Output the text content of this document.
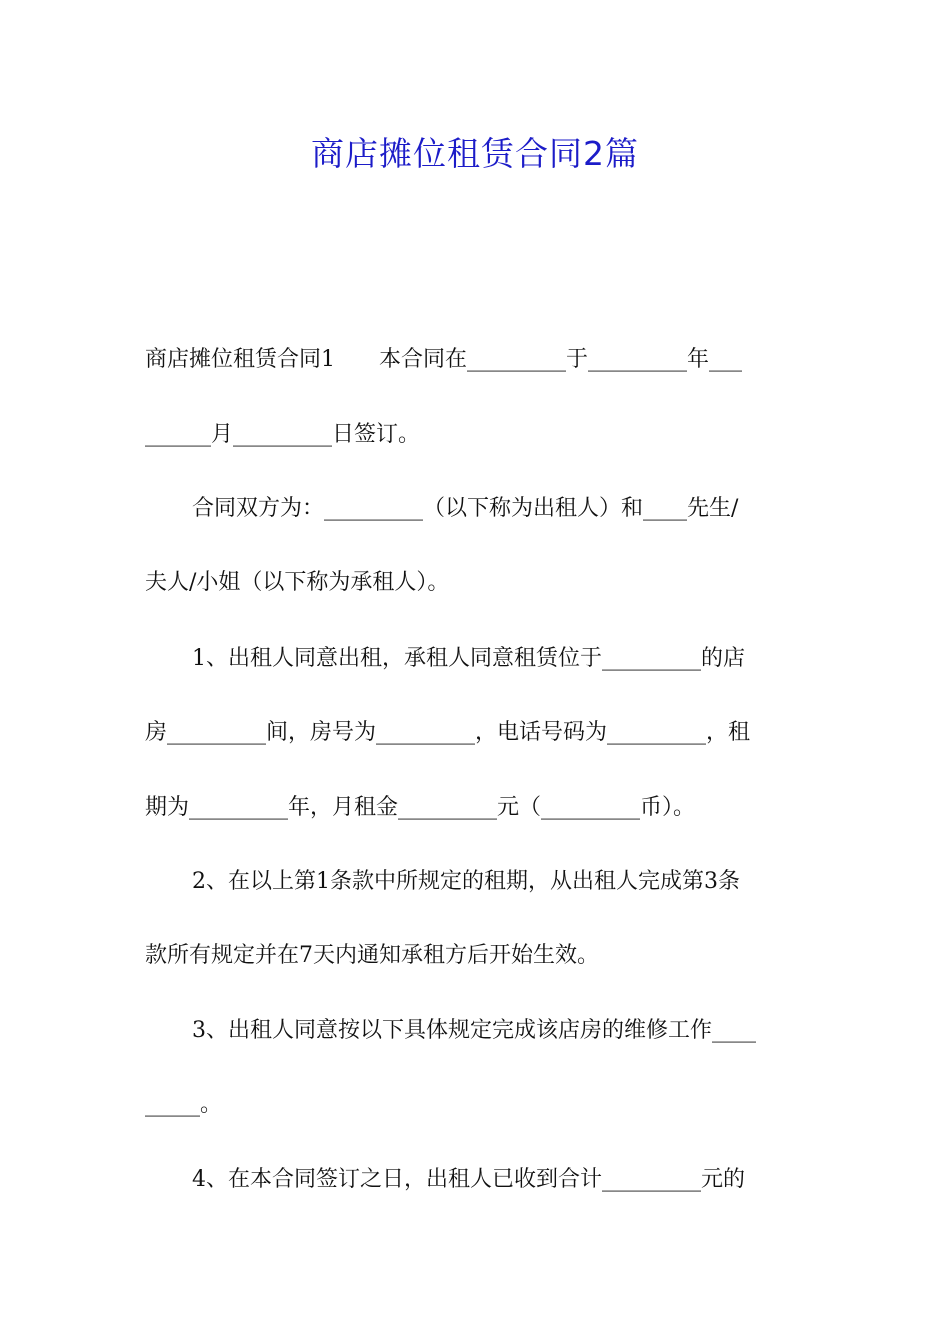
商店摊位租赁合同2篇

商店摊位租赁合同1　　本合同在_________于_________年___

______月_________日签订。

合同双方为：_________（以下称为出租人）和____先生/

夫人/小姐（以下称为承租人）。

1、出租人同意出租，承租人同意租赁位于_________的店

房_________间，房号为_________，电话号码为_________，租

期为_________年，月租金_________元（_________币）。

2、在以上第1条款中所规定的租期，从出租人完成第3条

款所有规定并在7天内通知承租方后开始生效。

3、出租人同意按以下具体规定完成该店房的维修工作____

_____。

4、在本合同签订之日，出租人已收到合计_________元的
